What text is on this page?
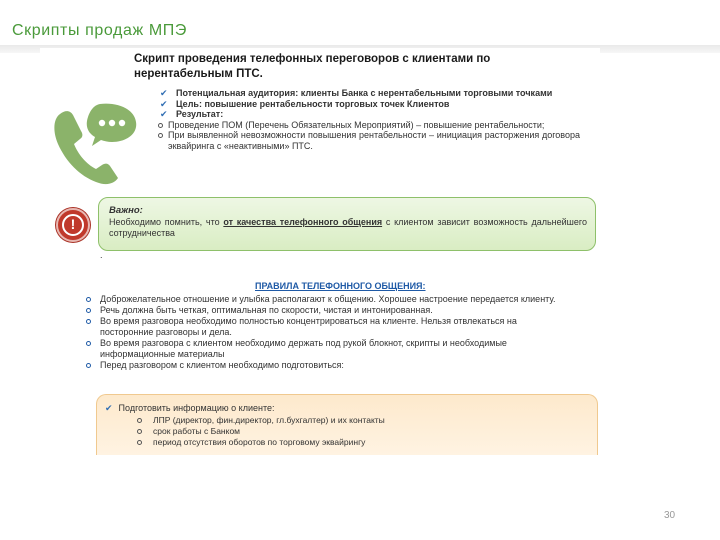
Скрипты продаж МПЭ
Скрипт проведения телефонных переговоров с клиентами по нерентабельным ПТС.
✔ Потенциальная аудитория: клиенты Банка с нерентабельными торговыми точками
✔ Цель: повышение рентабельности торговых точек Клиентов
✔ Результат:
Проведение ПОМ (Перечень Обязательных Мероприятий) – повышение рентабельности;
При выявленной невозможности повышения рентабельности – инициация расторжения договора эквайринга с «неактивными» ПТС.
!
Важно:
Необходимо помнить, что от качества телефонного общения с клиентом зависит возможность дальнейшего сотрудничества
.
ПРАВИЛА ТЕЛЕФОННОГО ОБЩЕНИЯ:
Доброжелательное отношение и улыбка располагают к общению. Хорошее настроение передается клиенту.
Речь должна быть четкая, оптимальная по скорости, чистая и интонированная.
Во время разговора необходимо полностью концентрироваться на клиенте. Нельзя отвлекаться на посторонние разговоры и дела.
Во время разговора с клиентом необходимо держать под рукой блокнот, скрипты и необходимые информационные материалы
Перед разговором с клиентом необходимо подготовиться:
✔ Подготовить информацию о клиенте:
ЛПР (директор, фин.директор, гл.бухгалтер) и их контакты
срок работы с Банком
период отсутствия оборотов по торговому эквайрингу
30
